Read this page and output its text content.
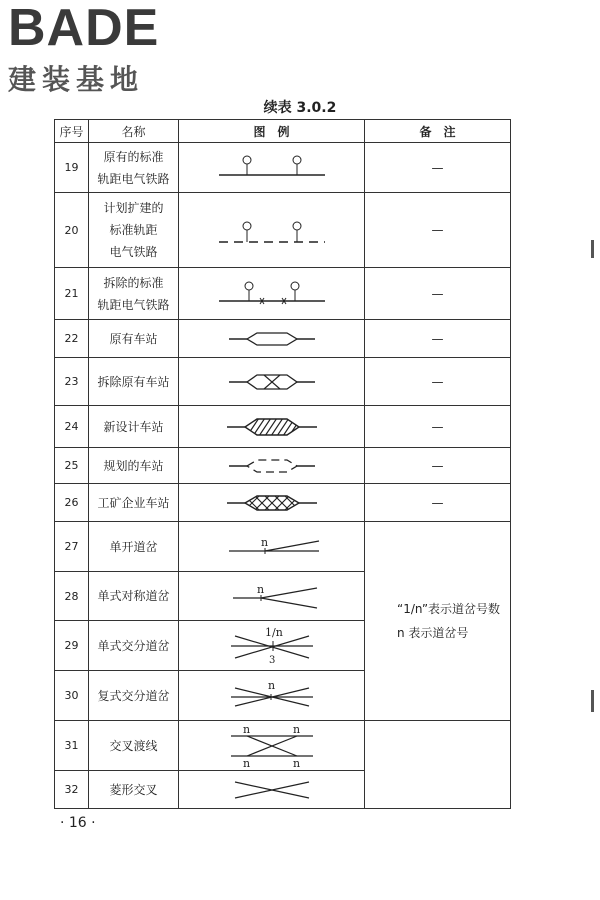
BADE
建装基地
续表 3.0.2
序号	名称	图　例	备　注
19	原有的标准
轨距电气铁路		—
20	计划扩建的
标准轨距
电气铁路		—
21	拆除的标准
轨距电气铁路		—
22	原有车站		—
23	拆除原有车站		—
24	新设计车站		—
25	规划的车站		—
26	工矿企业车站		—
27	单开道岔	n	“1/n”表示道岔号数
n 表示道岔号

28	单式对称道岔	n	

29	单式交分道岔	1/n
3	

30	复式交分道岔	n	

31	交叉渡线	n n
n n	

32	菱形交叉

· 16 ·
